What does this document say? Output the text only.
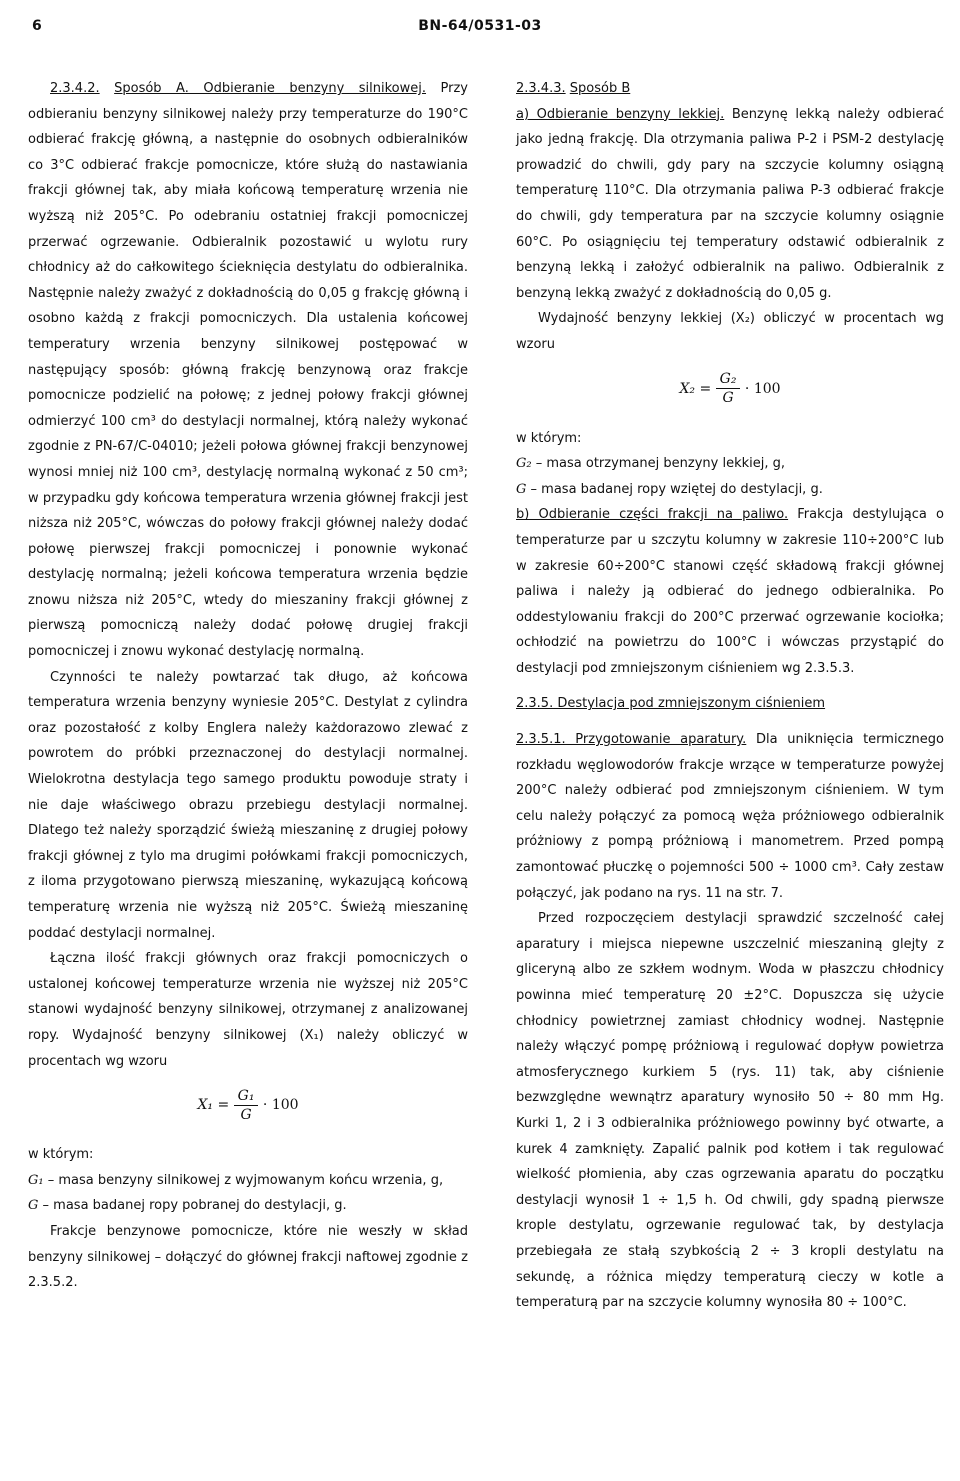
6	BN-64/0531-03

2.3.4.2. Sposób A. Odbieranie benzyny silnikowej. Przy odbieraniu benzyny silnikowej należy przy temperaturze do 190°C odbierać frakcję główną, a następnie do osobnych odbieralników co 3°C odbierać frakcje pomocnicze, które służą do nastawiania frakcji głównej tak, aby miała końcową temperaturę wrzenia nie wyższą niż 205°C. Po odebraniu ostatniej frakcji pomocniczej przerwać ogrzewanie. Odbieralnik pozostawić u wylotu rury chłodnicy aż do całkowitego ścieknięcia destylatu do odbieralnika. Następnie należy zważyć z dokładnością do 0,05 g frakcję główną i osobno każdą z frakcji pomocniczych. Dla ustalenia końcowej temperatury wrzenia benzyny silnikowej postępować w następujący sposób: główną frakcję benzynową oraz frakcje pomocnicze podzielić na połowę; z jednej połowy frakcji głównej odmierzyć 100 cm³ do destylacji normalnej, którą należy wykonać zgodnie z PN-67/C-04010; jeżeli połowa głównej frakcji benzynowej wynosi mniej niż 100 cm³, destylację normalną wykonać z 50 cm³; w przypadku gdy końcowa temperatura wrzenia głównej frakcji jest niższa niż 205°C, wówczas do połowy frakcji głównej należy dodać połowę pierwszej frakcji pomocniczej i ponownie wykonać destylację normalną; jeżeli końcowa temperatura wrzenia będzie znowu niższa niż 205°C, wtedy do mieszaniny frakcji głównej z pierwszą pomocniczą należy dodać połowę drugiej frakcji pomocniczej i znowu wykonać destylację normalną.

Czynności te należy powtarzać tak długo, aż końcowa temperatura wrzenia benzyny wyniesie 205°C. Destylat z cylindra oraz pozostałość z kolby Englera należy każdorazowo zlewać z powrotem do próbki przeznaczonej do destylacji normalnej. Wielokrotna destylacja tego samego produktu powoduje straty i nie daje właściwego obrazu przebiegu destylacji normalnej. Dlatego też należy sporządzić świeżą mieszaninę z drugiej połowy frakcji głównej z tylo ma drugimi połówkami frakcji pomocniczych, z iloma przygotowano pierwszą mieszaninę, wykazującą końcową temperaturę wrzenia nie wyższą niż 205°C. Świeżą mieszaninę poddać destylacji normalnej.

Łączna ilość frakcji głównych oraz frakcji pomocniczych o ustalonej końcowej temperaturze wrzenia nie wyższej niż 205°C stanowi wydajność benzyny silnikowej, otrzymanej z analizowanej ropy. Wydajność benzyny silnikowej (X₁) należy obliczyć w procentach wg wzoru

$X_1 = \frac{\text{G₁}}{G} \cdot 100$

w którym:

G₁ – masa benzyny silnikowej z wyjmowanym końcu wrzenia, g,

G – masa badanej ropy pobranej do destylacji, g.

Frakcje benzynowe pomocnicze, które nie weszły w skład benzyny silnikowej – dołączyć do głównej frakcji naftowej zgodnie z 2.3.5.2.

2.3.4.3. Sposób B

a) Odbieranie benzyny lekkiej. Benzynę lekką należy odbierać jako jedną frakcję. Dla otrzymania paliwa P-2 i PSM-2 destylację prowadzić do chwili, gdy pary na szczycie kolumny osiągną temperaturę 110°C. Dla otrzymania paliwa P-3 odbierać frakcje do chwili, gdy temperatura par na szczycie kolumny osiągnie 60°C. Po osiągnięciu tej temperatury odstawić odbieralnik z benzyną lekką i założyć odbieralnik na paliwo. Odbieralnik z benzyną lekką zważyć z dokładnością do 0,05 g.

Wydajność benzyny lekkiej (X₂) obliczyć w procentach wg wzoru

$X_2 = \frac{\text{G₂}}{G} \cdot 100$

w którym:

G₂ – masa otrzymanej benzyny lekkiej, g,

G – masa badanej ropy wziętej do destylacji, g.

b) Odbieranie części frakcji na paliwo. Frakcja destylująca o temperaturze par u szczytu kolumny w zakresie 110÷200°C lub w zakresie 60÷200°C stanowi część składową frakcji głównej paliwa i należy ją odbierać do jednego odbieralnika. Po oddestylowaniu frakcji do 200°C przerwać ogrzewanie kociołka; ochłodzić na powietrzu do 100°C i wówczas przystąpić do destylacji pod zmniejszonym ciśnieniem wg 2.3.5.3.

2.3.5. Destylacja pod zmniejszonym ciśnieniem

2.3.5.1. Przygotowanie aparatury. Dla uniknięcia termicznego rozkładu węglowodorów frakcje wrzące w temperaturze powyżej 200°C należy odbierać pod zmniejszonym ciśnieniem. W tym celu należy połączyć za pomocą węża próżniowego odbieralnik próżniowy z pompą próżniową i manometrem. Przed pompą zamontować płuczkę o pojemności 500 ÷ 1000 cm³. Cały zestaw połączyć, jak podano na rys. 11 na str. 7.

Przed rozpoczęciem destylacji sprawdzić szczelność całej aparatury i miejsca niepewne uszczelnić mieszaniną glejty z gliceryną albo ze szkłem wodnym. Woda w płaszczu chłodnicy powinna mieć temperaturę 20 ±2°C. Dopuszcza się użycie chłodnicy powietrznej zamiast chłodnicy wodnej. Następnie należy włączyć pompę próżniową i regulować dopływ powietrza atmosferycznego kurkiem 5 (rys. 11) tak, aby ciśnienie bezwzględne wewnątrz aparatury wynosiło 50 ÷ 80 mm Hg. Kurki 1, 2 i 3 odbieralnika próżniowego powinny być otwarte, a kurek 4 zamknięty. Zapalić palnik pod kotłem i tak regulować wielkość płomienia, aby czas ogrzewania aparatu do początku destylacji wynosił 1 ÷ 1,5 h. Od chwili, gdy spadną pierwsze krople destylatu, ogrzewanie regulować tak, by destylacja przebiegała ze stałą szybkością 2 ÷ 3 kropli destylatu na sekundę, a różnica między temperaturą cieczy w kotle a temperaturą par na szczycie kolumny wynosiła 80 ÷ 100°C.
